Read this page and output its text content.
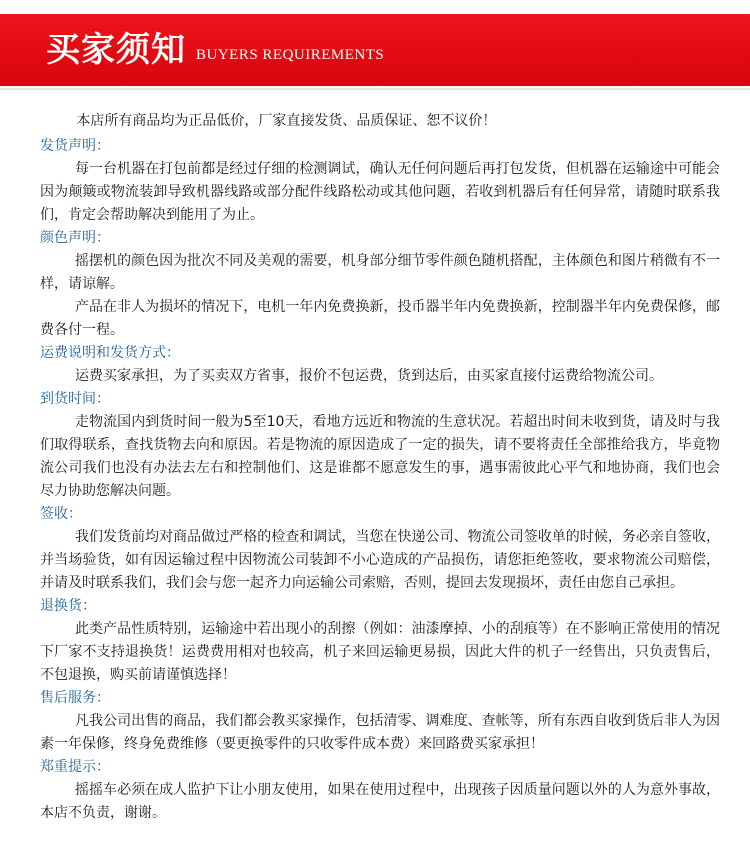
买家须知 BUYERS REQUIREMENTS

本店所有商品均为正品低价，厂家直接发货、品质保证、恕不议价！

发货声明：

每一台机器在打包前都是经过仔细的检测调试，确认无任何问题后再打包发货，但机器在运输途中可能会因为颠簸或物流装卸导致机器线路或部分配件线路松动或其他问题，若收到机器后有任何异常，请随时联系我们，肯定会帮助解决到能用了为止。

颜色声明：

摇摆机的颜色因为批次不同及美观的需要，机身部分细节零件颜色随机搭配，主体颜色和图片稍微有不一样，请谅解。

产品在非人为损坏的情况下，电机一年内免费换新，投币器半年内免费换新，控制器半年内免费保修，邮费各付一程。

运费说明和发货方式：

运费买家承担，为了买卖双方省事，报价不包运费，货到达后，由买家直接付运费给物流公司。

到货时间：

走物流国内到货时间一般为5至10天，看地方远近和物流的生意状况。若超出时间未收到货，请及时与我们取得联系，查找货物去向和原因。若是物流的原因造成了一定的损失，请不要将责任全部推给我方，毕竟物流公司我们也没有办法去左右和控制他们、这是谁都不愿意发生的事，遇事需彼此心平气和地协商，我们也会尽力协助您解决问题。

签收：

我们发货前均对商品做过严格的检查和调试，当您在快递公司、物流公司签收单的时候，务必亲自签收，并当场验货，如有因运输过程中因物流公司装卸不小心造成的产品损伤，请您拒绝签收，要求物流公司赔偿，并请及时联系我们，我们会与您一起齐力向运输公司索赔，否则，提回去发现损坏，责任由您自己承担。

退换货：

此类产品性质特别，运输途中若出现小的刮擦（例如：油漆摩掉、小的刮痕等）在不影响正常使用的情况下厂家不支持退换货！运费费用相对也较高，机子来回运输更易损，因此大件的机子一经售出，只负责售后，不包退换，购买前请谨慎选择！

售后服务：

凡我公司出售的商品，我们都会教买家操作，包括清零、调难度、查帐等，所有东西自收到货后非人为因素一年保修，终身免费维修（要更换零件的只收零件成本费）来回路费买家承担！

郑重提示：

摇摇车必须在成人监护下让小朋友使用，如果在使用过程中，出现孩子因质量问题以外的人为意外事故，本店不负责，谢谢。
